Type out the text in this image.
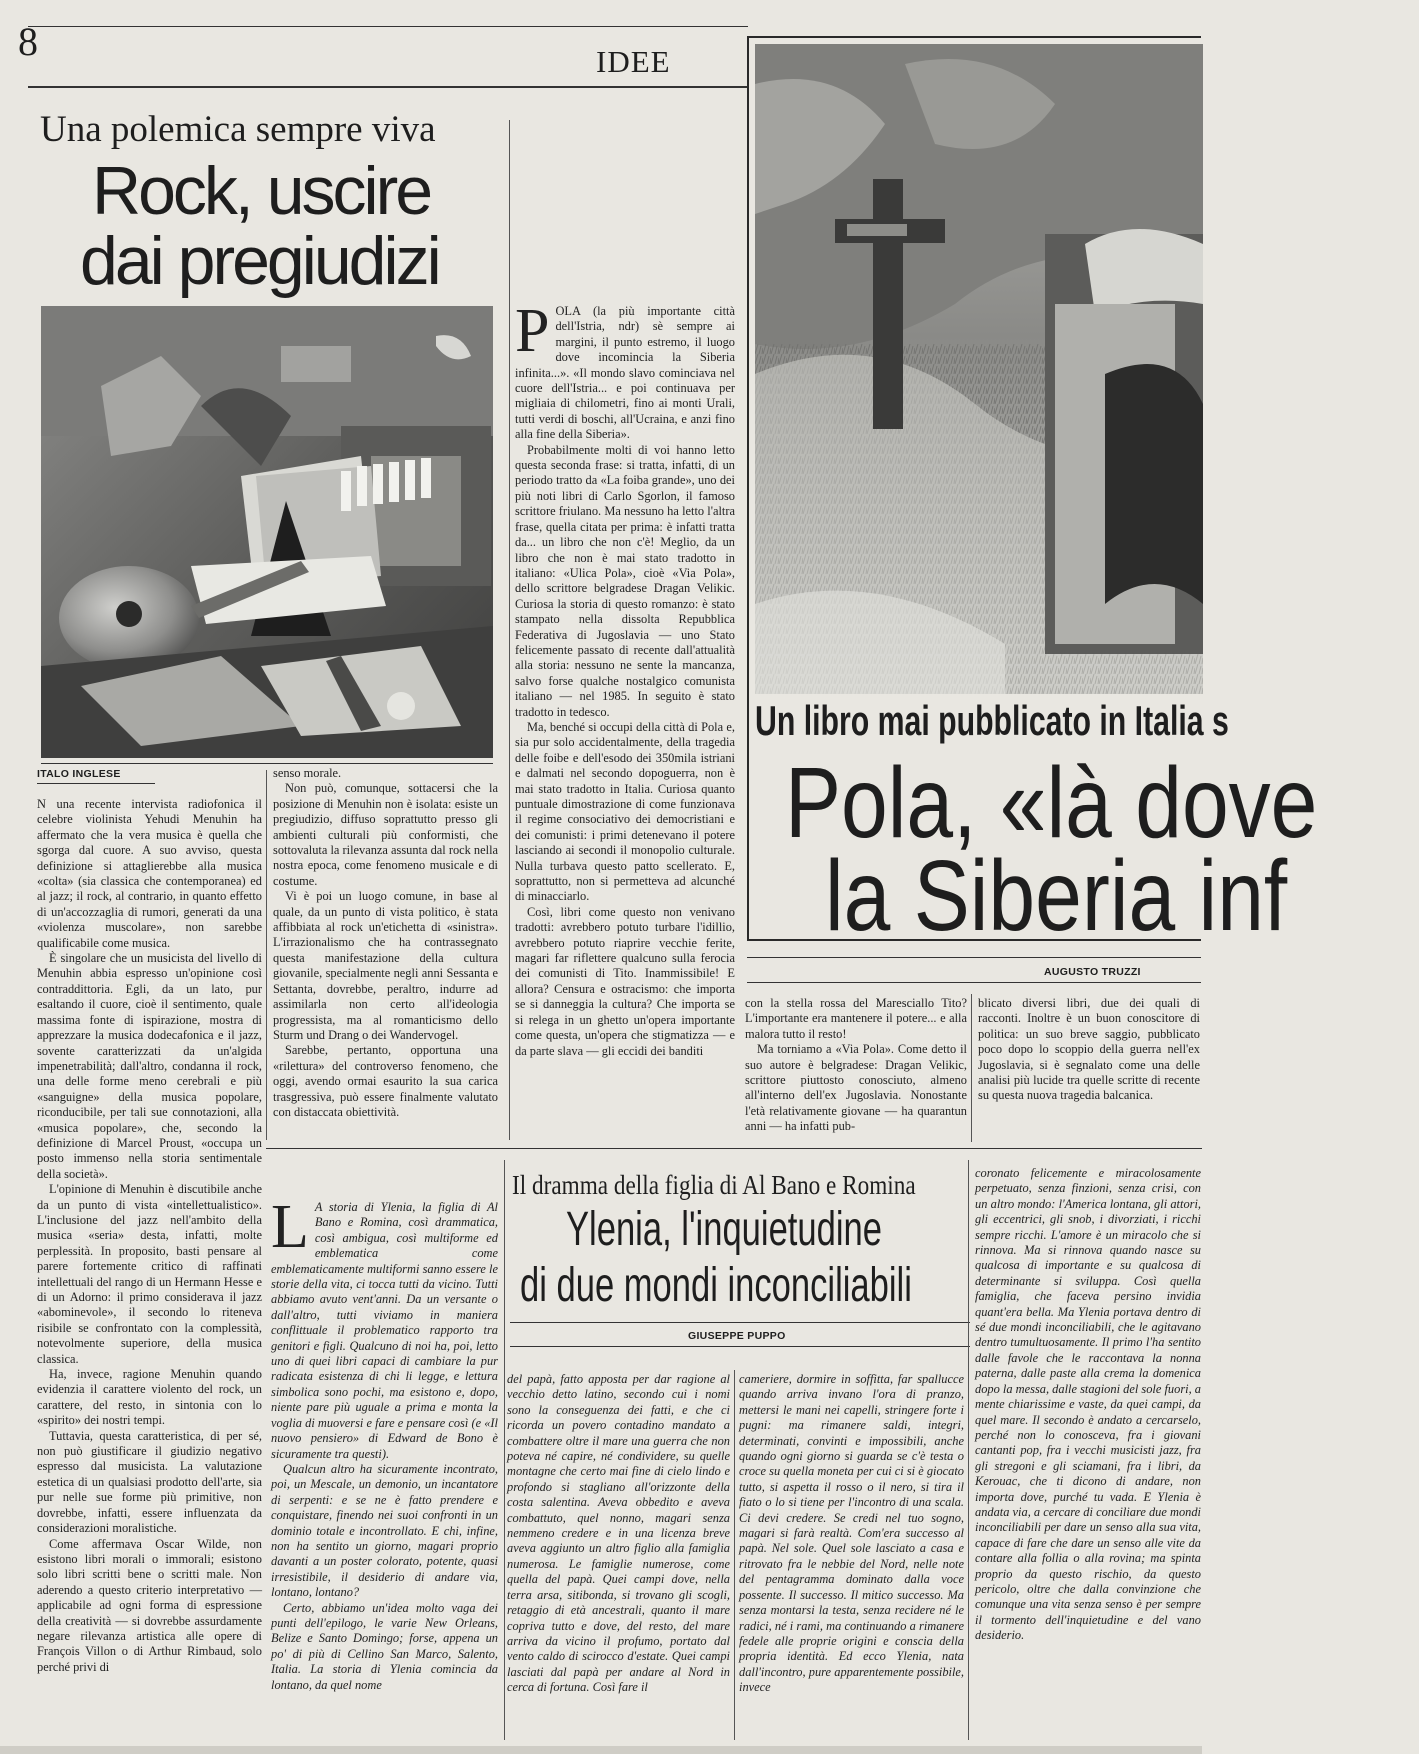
8	IDEE
Una polemica sempre viva
Rock, uscire
dai pregiudizi
ITALO INGLESE

N una recente intervista radiofonica il celebre violinista Yehudi Menuhin ha affermato che la vera musica è quella che sgorga dal cuore. A suo avviso, questa definizione si attaglierebbe alla musica «colta» (sia classica che contemporanea) ed al jazz; il rock, al contrario, in quanto effetto di un'accozzaglia di rumori, generati da una «violenza muscolare», non sarebbe qualificabile come musica.

È singolare che un musicista del livello di Menuhin abbia espresso un'opinione così contraddittoria. Egli, da un lato, pur esaltando il cuore, cioè il sentimento, quale massima fonte di ispirazione, mostra di apprezzare la musica dodecafonica e il jazz, sovente caratterizzati da un'algida impenetrabilità; dall'altro, condanna il rock, una delle forme meno cerebrali e più «sanguigne» della musica popolare, riconducibile, per tali sue connotazioni, alla «musica popolare», che, secondo la definizione di Marcel Proust, «occupa un posto immenso nella storia sentimentale della società».

L'opinione di Menuhin è discutibile anche da un punto di vista «intellettualistico». L'inclusione del jazz nell'ambito della musica «seria» desta, infatti, molte perplessità. In proposito, basti pensare al parere fortemente critico di raffinati intellettuali del rango di un Hermann Hesse e di un Adorno: il primo considerava il jazz «abominevole», il secondo lo riteneva risibile se confrontato con la complessità, notevolmente superiore, della musica classica.

Ha, invece, ragione Menuhin quando evidenzia il carattere violento del rock, un carattere, del resto, in sintonia con lo «spirito» dei nostri tempi.

Tuttavia, questa caratteristica, di per sé, non può giustificare il giudizio negativo espresso dal musicista. La valutazione estetica di un qualsiasi prodotto dell'arte, sia pur nelle sue forme più primitive, non dovrebbe, infatti, essere influenzata da considerazioni moralistiche.

Come affermava Oscar Wilde, non esistono libri morali o immorali; esistono solo libri scritti bene o scritti male. Non aderendo a questo criterio interpretativo — applicabile ad ogni forma di espressione della creatività — si dovrebbe assurdamente negare rilevanza artistica alle opere di François Villon o di Arthur Rimbaud, solo perché privi di

senso morale.

Non può, comunque, sottacersi che la posizione di Menuhin non è isolata: esiste un pregiudizio, diffuso soprattutto presso gli ambienti culturali più conformisti, che sottovaluta la rilevanza assunta dal rock nella nostra epoca, come fenomeno musicale e di costume.

Vi è poi un luogo comune, in base al quale, da un punto di vista politico, è stata affibbiata al rock un'etichetta di «sinistra». L'irrazionalismo che ha contrassegnato questa manifestazione della cultura giovanile, specialmente negli anni Sessanta e Settanta, dovrebbe, peraltro, indurre ad assimilarla non certo all'ideologia progressista, ma al romanticismo dello Sturm und Drang o dei Wandervogel.

Sarebbe, pertanto, opportuna una «rilettura» del controverso fenomeno, che oggi, avendo ormai esaurito la sua carica trasgressiva, può essere finalmente valutato con distaccata obiettività.

POLA (la più importante città dell'Istria, ndr) sè sempre ai margini, il punto estremo, il luogo dove incomincia la Siberia infinita...». «Il mondo slavo cominciava nel cuore dell'Istria... e poi continuava per migliaia di chilometri, fino ai monti Urali, tutti verdi di boschi, all'Ucraina, e anzi fino alla fine della Siberia».

Probabilmente molti di voi hanno letto questa seconda frase: si tratta, infatti, di un periodo tratto da «La foiba grande», uno dei più noti libri di Carlo Sgorlon, il famoso scrittore friulano. Ma nessuno ha letto l'altra frase, quella citata per prima: è infatti tratta da... un libro che non c'è! Meglio, da un libro che non è mai stato tradotto in italiano: «Ulica Pola», cioè «Via Pola», dello scrittore belgradese Dragan Velikic. Curiosa la storia di questo romanzo: è stato stampato nella dissolta Repubblica Federativa di Jugoslavia — uno Stato felicemente passato di recente dall'attualità alla storia: nessuno ne sente la mancanza, salvo forse qualche nostalgico comunista italiano — nel 1985. In seguito è stato tradotto in tedesco.

Ma, benché si occupi della città di Pola e, sia pur solo accidentalmente, della tragedia delle foibe e dell'esodo dei 350mila istriani e dalmati nel secondo dopoguerra, non è mai stato tradotto in Italia. Curiosa quanto puntuale dimostrazione di come funzionava il regime consociativo dei democristiani e dei comunisti: i primi detenevano il potere lasciando ai secondi il monopolio culturale. Nulla turbava questo patto scellerato. E, soprattutto, non si permetteva ad alcunché di minacciarlo.

Così, libri come questo non venivano tradotti: avrebbero potuto turbare l'idillio, avrebbero potuto riaprire vecchie ferite, magari far riflettere qualcuno sulla ferocia dei comunisti di Tito. Inammissibile! E allora? Censura e ostracismo: che importa se si danneggia la cultura? Che importa se si relega in un ghetto un'opera importante come questa, un'opera che stigmatizza — e da parte slava — gli eccidi dei banditi

Un libro mai pubblicato in Italia s
Pola, «là dove
la Siberia inf
AUGUSTO TRUZZI

con la stella rossa del Maresciallo Tito? L'importante era mantenere il potere... e alla malora tutto il resto!

Ma torniamo a «Via Pola». Come detto il suo autore è belgradese: Dragan Velikic, scrittore piuttosto conosciuto, almeno all'interno dell'ex Jugoslavia. Nonostante l'età relativamente giovane — ha quarantun anni — ha infatti pub-

blicato diversi libri, due dei quali di racconti. Inoltre è un buon conoscitore di politica: un suo breve saggio, pubblicato poco dopo lo scoppio della guerra nell'ex Jugoslavia, si è segnalato come una delle analisi più lucide tra quelle scritte di recente su questa nuova tragedia balcanica.

Il dramma della figlia di Al Bano e Romina
Ylenia, l'inquietudine
di due mondi inconciliabili
GIUSEPPE PUPPO

L A storia di Ylenia, la figlia di Al Bano e Romina, così drammatica, così ambigua, così multiforme ed emblematica come emblematicamente multiformi sanno essere le storie della vita, ci tocca tutti da vicino. Tutti abbiamo avuto vent'anni. Da un versante o dall'altro, tutti viviamo in maniera conflittuale il problematico rapporto tra genitori e figli. Qualcuno di noi ha, poi, letto uno di quei libri capaci di cambiare la pur radicata esistenza di chi li legge, e lettura simbolica sono pochi, ma esistono e, dopo, niente pare più uguale a prima e monta la voglia di muoversi e fare e pensare così (e «Il nuovo pensiero» di Edward de Bono è sicuramente tra questi).

Qualcun altro ha sicuramente incontrato, poi, un Mescale, un demonio, un incantatore di serpenti: e se ne è fatto prendere e conquistare, finendo nei suoi confronti in un dominio totale e incontrollato. E chi, infine, non ha sentito un giorno, magari proprio davanti a un poster colorato, potente, quasi irresistibile, il desiderio di andare via, lontano, lontano?

Certo, abbiamo un'idea molto vaga dei punti dell'epilogo, le varie New Orleans, Belize e Santo Domingo; forse, appena un po' di più di Cellino San Marco, Salento, Italia. La storia di Ylenia comincia da lontano, da quel nome

del papà, fatto apposta per dar ragione al vecchio detto latino, secondo cui i nomi sono la conseguenza dei fatti, e che ci ricorda un povero contadino mandato a combattere oltre il mare una guerra che non poteva né capire, né condividere, su quelle montagne che certo mai fine di cielo lindo e profondo si stagliano all'orizzonte della costa salentina. Aveva obbedito e aveva combattuto, quel nonno, magari senza nemmeno credere e in una licenza breve aveva aggiunto un altro figlio alla famiglia numerosa. Le famiglie numerose, come quella del papà. Quei campi dove, nella terra arsa, sitibonda, si trovano gli scogli, retaggio di età ancestrali, quanto il mare copriva tutto e dove, del resto, del mare arriva da vicino il profumo, portato dal vento caldo di scirocco d'estate. Quei campi lasciati dal papà per andare al Nord in cerca di fortuna. Così fare il

cameriere, dormire in soffitta, far spallucce quando arriva invano l'ora di pranzo, mettersi le mani nei capelli, stringere forte i pugni: ma rimanere saldi, integri, determinati, convinti e impossibili, anche quando ogni giorno si guarda se c'è testa o croce su quella moneta per cui ci si è giocato tutto, si aspetta il rosso o il nero, si tira il fiato o lo si tiene per l'incontro di una scala. Ci devi credere. Se credi nel tuo sogno, magari si farà realtà. Com'era successo al papà. Nel sole. Quel sole lasciato a casa e ritrovato fra le nebbie del Nord, nelle note del pentagramma dominato dalla voce possente. Il successo. Il mitico successo. Ma senza montarsi la testa, senza recidere né le radici, né i rami, ma continuando a rimanere fedele alle proprie origini e consciа della propria identità. Ed ecco Ylenia, nata dall'incontro, pure apparentemente possibile, invece

coronato felicemente e miracolosamente perpetuato, senza finzioni, senza crisi, con un altro mondo: l'America lontana, gli attori, gli eccentrici, gli snob, i divorziati, i ricchi sempre ricchi. L'amore è un miracolo che si rinnova. Ma si rinnova quando nasce su qualcosa di importante e su qualcosa di determinante si sviluppa. Così quella famiglia, che faceva persino invidia quant'era bella. Ma Ylenia portava dentro di sé due mondi inconciliabili, che le agitavano dentro tumultuosamente. Il primo l'ha sentito dalle favole che le raccontava la nonna paterna, dalle paste alla crema la domenica dopo la messa, dalle stagioni del sole fuori, a mente chiarissime e vaste, da quei campi, da quel mare. Il secondo è andato a cercarselo, perché non lo conosceva, fra i giovani cantanti pop, fra i vecchi musicisti jazz, fra gli stregoni e gli sciamani, fra i libri, da Kerouac, che ti dicono di andare, non importa dove, purché tu vada. E Ylenia è andata via, a cercare di conciliare due mondi inconciliabili per dare un senso alla sua vita, capace di fare che dare un senso alle vite da contare alla follia o alla rovina; ma spinta proprio da questo rischio, da questo pericolo, oltre che dalla convinzione che comunque una vita senza senso è per sempre il tormento dell'inquietudine e del vano desiderio.
